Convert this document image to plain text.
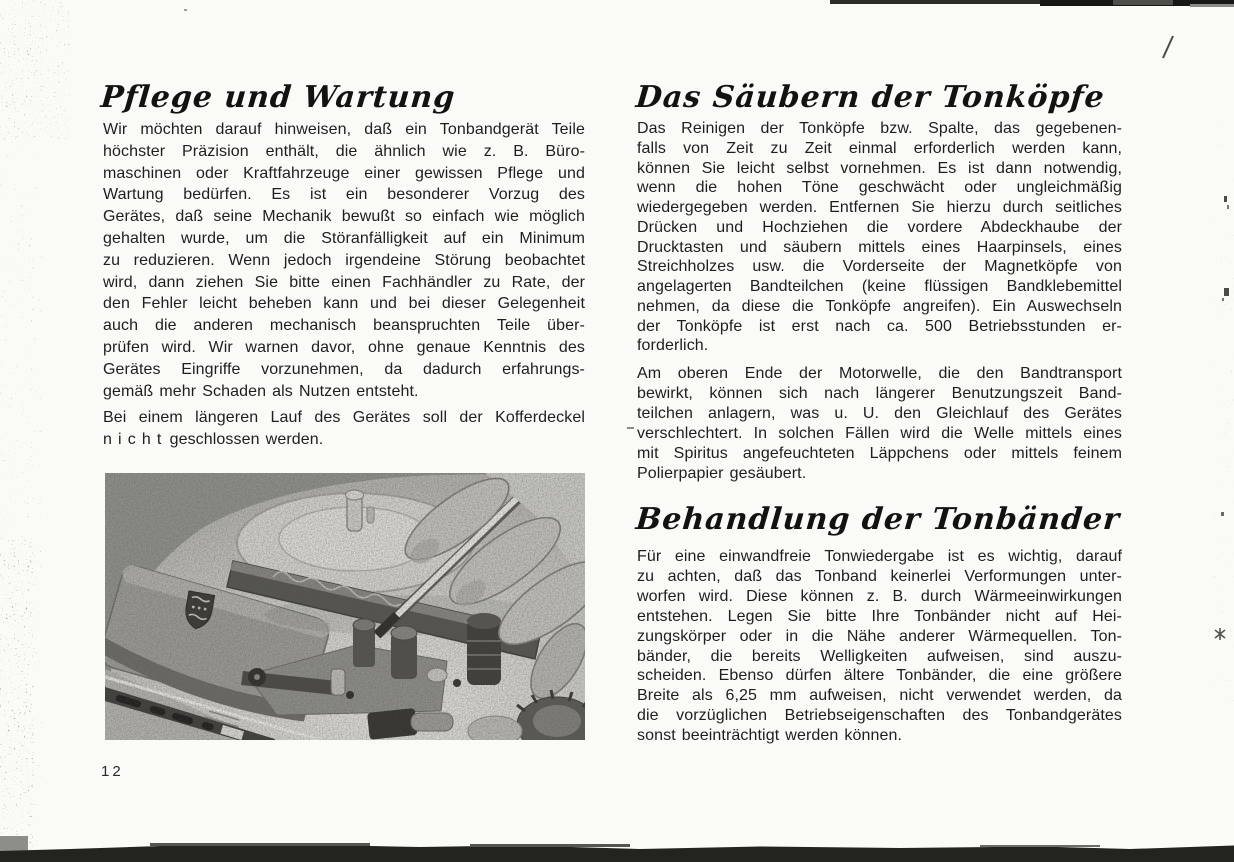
Pflege und Wartung
Wir möchten darauf hinweisen, daß ein Tonbandgerät Teile
höchster Präzision enthält, die ähnlich wie z. B. Büro-
maschinen oder Kraftfahrzeuge einer gewissen Pflege und
Wartung bedürfen. Es ist ein besonderer Vorzug des
Gerätes, daß seine Mechanik bewußt so einfach wie möglich
gehalten wurde, um die Störanfälligkeit auf ein Minimum
zu reduzieren. Wenn jedoch irgendeine Störung beobachtet
wird, dann ziehen Sie bitte einen Fachhändler zu Rate, der
den Fehler leicht beheben kann und bei dieser Gelegenheit
auch die anderen mechanisch beanspruchten Teile über-
prüfen wird. Wir warnen davor, ohne genaue Kenntnis des
Gerätes Eingriffe vorzunehmen, da dadurch erfahrungs-
gemäß mehr Schaden als Nutzen entsteht.
Bei einem längeren Lauf des Gerätes soll der Kofferdeckel
n i c h t geschlossen werden.
12
Das Säubern der Tonköpfe
Das Reinigen der Tonköpfe bzw. Spalte, das gegebenen-
falls von Zeit zu Zeit einmal erforderlich werden kann,
können Sie leicht selbst vornehmen. Es ist dann notwendig,
wenn die hohen Töne geschwächt oder ungleichmäßig
wiedergegeben werden. Entfernen Sie hierzu durch seitliches
Drücken und Hochziehen die vordere Abdeckhaube der
Drucktasten und säubern mittels eines Haarpinsels, eines
Streichholzes usw. die Vorderseite der Magnetköpfe von
angelagerten Bandteilchen (keine flüssigen Bandklebemittel
nehmen, da diese die Tonköpfe angreifen). Ein Auswechseln
der Tonköpfe ist erst nach ca. 500 Betriebsstunden er-
forderlich.
Am oberen Ende der Motorwelle, die den Bandtransport
bewirkt, können sich nach längerer Benutzungszeit Band-
teilchen anlagern, was u. U. den Gleichlauf des Gerätes
verschlechtert. In solchen Fällen wird die Welle mittels eines
mit Spiritus angefeuchteten Läppchens oder mittels feinem
Polierpapier gesäubert.
Behandlung der Tonbänder
Für eine einwandfreie Tonwiedergabe ist es wichtig, darauf
zu achten, daß das Tonband keinerlei Verformungen unter-
worfen wird. Diese können z. B. durch Wärmeeinwirkungen
entstehen. Legen Sie bitte Ihre Tonbänder nicht auf Hei-
zungskörper oder in die Nähe anderer Wärmequellen. Ton-
bänder, die bereits Welligkeiten aufweisen, sind auszu-
scheiden. Ebenso dürfen ältere Tonbänder, die eine größere
Breite als 6,25 mm aufweisen, nicht verwendet werden, da
die vorzüglichen Betriebseigenschaften des Tonbandgerätes
sonst beeinträchtigt werden können.
